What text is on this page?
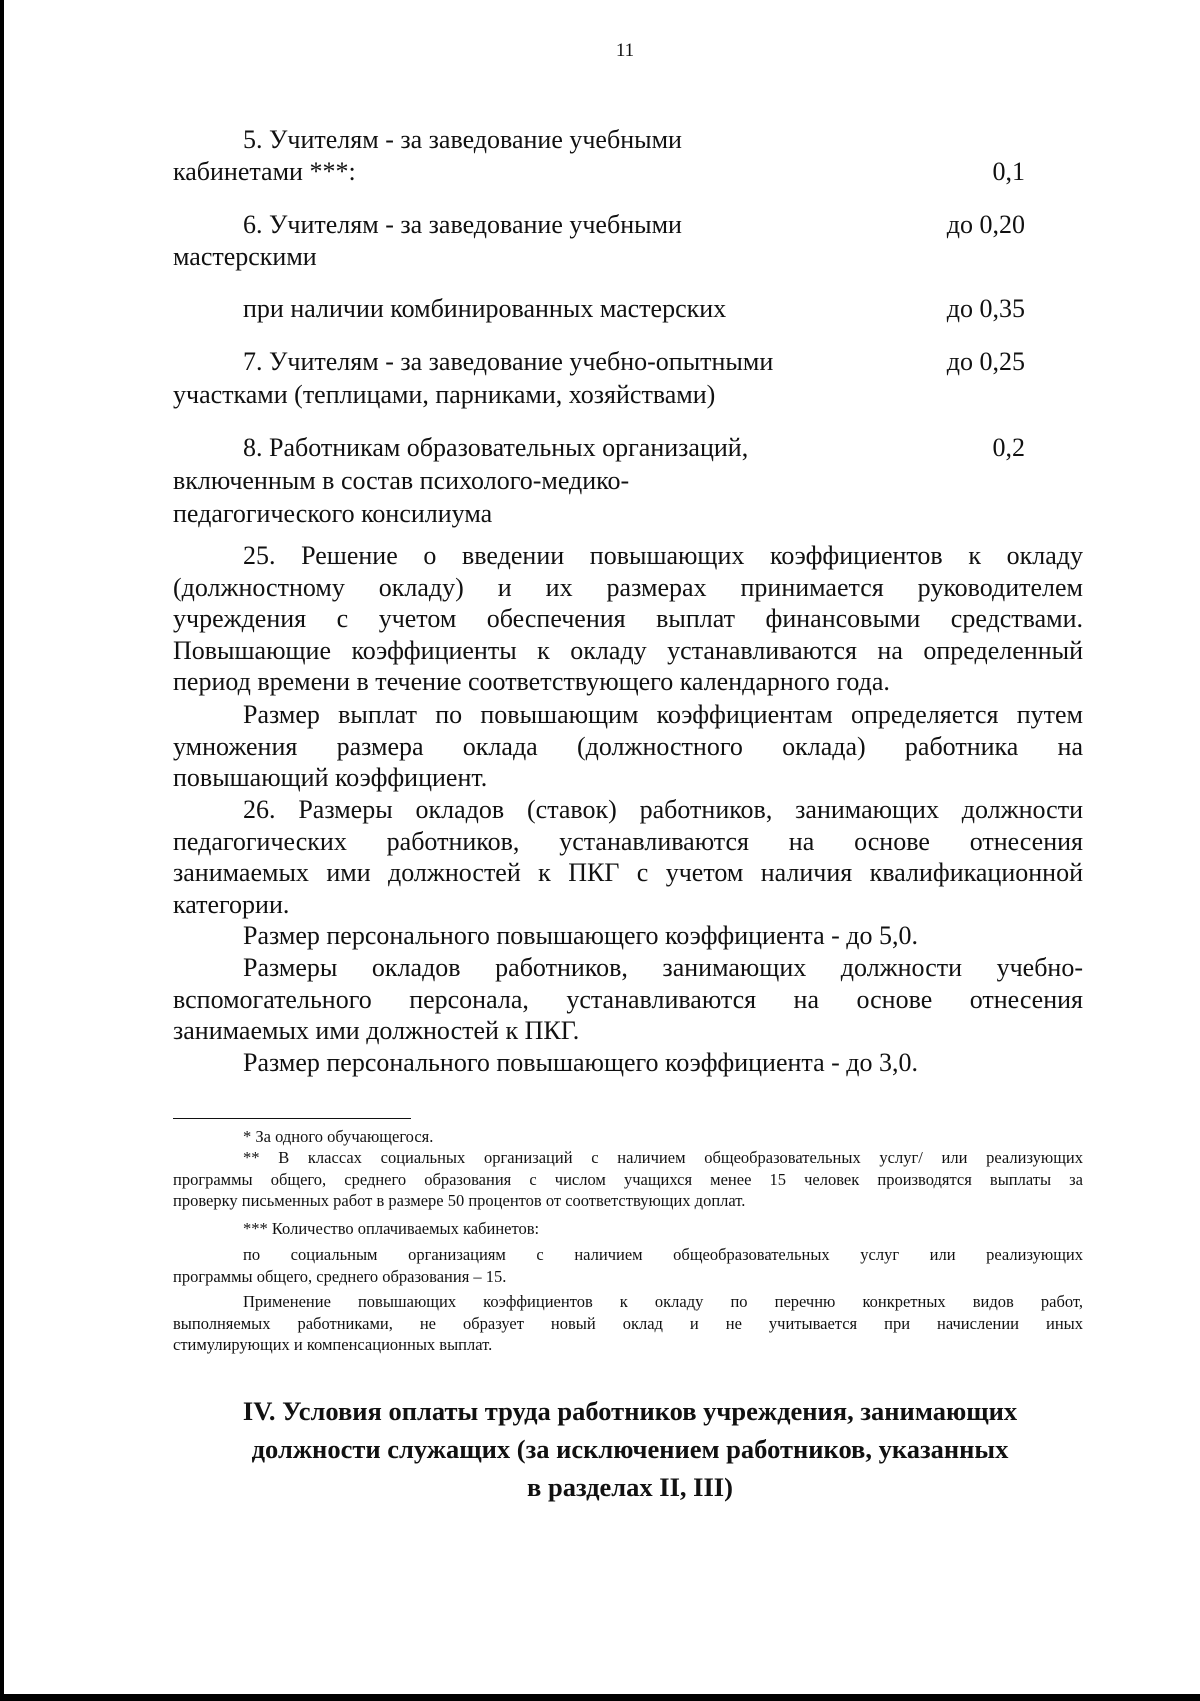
11
5. Учителям - за заведование учебными
кабинетами ***:	0,1
6. Учителям - за заведование учебными
мастерскими
до 0,20
при наличии комбинированных мастерских	до 0,35
7. Учителям - за заведование учебно-опытными
участками (теплицами, парниками, хозяйствами)
до 0,25
8. Работникам образовательных организаций,
включенным в состав психолого-медико-
педагогического консилиума
0,2
25. Решение о введении повышающих коэффициентов к окладу
(должностному окладу) и их размерах принимается руководителем
учреждения с учетом обеспечения выплат финансовыми средствами.
Повышающие коэффициенты к окладу устанавливаются на определенный
период времени в течение соответствующего календарного года.
Размер выплат по повышающим коэффициентам определяется путем
умножения размера оклада (должностного оклада) работника на
повышающий коэффициент.
26. Размеры окладов (ставок) работников, занимающих должности
педагогических работников, устанавливаются на основе отнесения
занимаемых ими должностей к ПКГ с учетом наличия квалификационной
категории.
Размер персонального повышающего коэффициента - до 5,0.
Размеры окладов работников, занимающих должности учебно-
вспомогательного персонала, устанавливаются на основе отнесения
занимаемых ими должностей к ПКГ.
Размер персонального повышающего коэффициента - до 3,0.
* За одного обучающегося.
** В классах социальных организаций с наличием общеобразовательных услуг/ или реализующих
программы общего, среднего образования с числом учащихся менее 15 человек производятся выплаты за
проверку письменных работ в размере 50 процентов от соответствующих доплат.
*** Количество оплачиваемых кабинетов:
по социальным организациям с наличием общеобразовательных услуг или реализующих
программы общего, среднего образования – 15.
Применение повышающих коэффициентов к окладу по перечню конкретных видов работ,
выполняемых работниками, не образует новый оклад и не учитывается при начислении иных
стимулирующих и компенсационных выплат.
IV. Условия оплаты труда работников учреждения, занимающих
должности служащих (за исключением работников, указанных
в разделах II, III)
